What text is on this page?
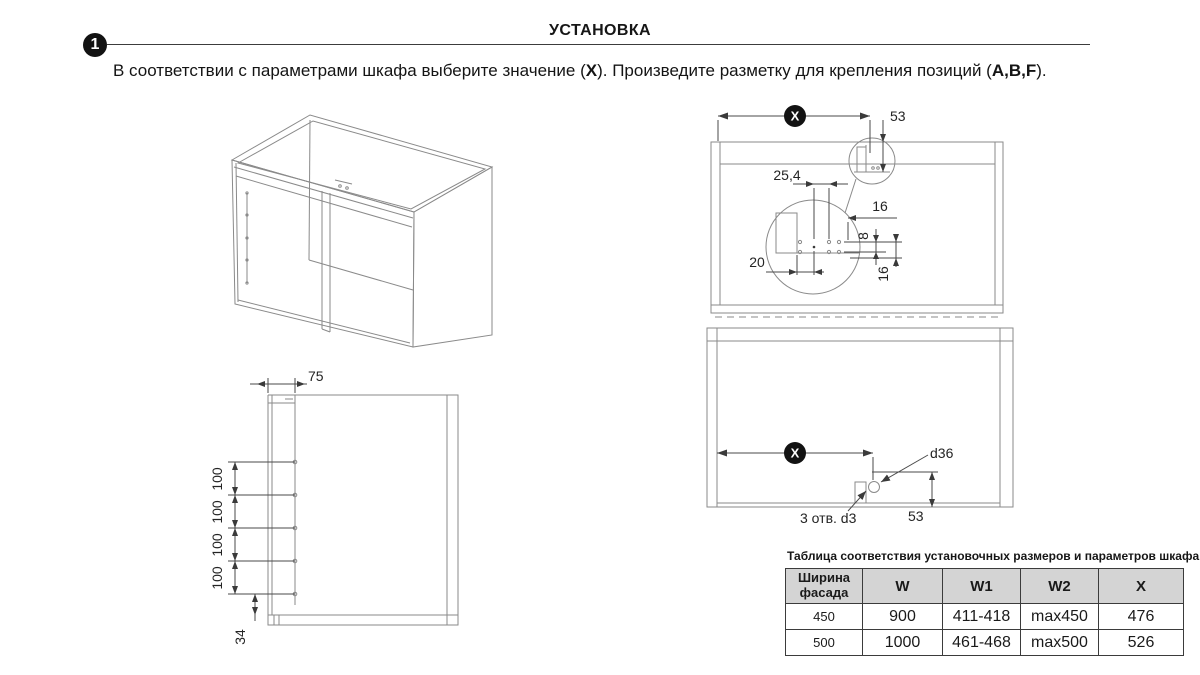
1
УСТАНОВКА

В соответствии с параметрами шкафа выберите значение (X). Произведите разметку для крепления позиций (A,B,F).

75
100
100
100
100
34
X	53
25,4
16
8
16
20
X	d36
3 отв. d3	53
Таблица соответствия установочных размеров и параметров шкафа
Ширина фасада	W	W1	W2	X
450	900	411-418	max450	476
500	1000	461-468	max500	526
